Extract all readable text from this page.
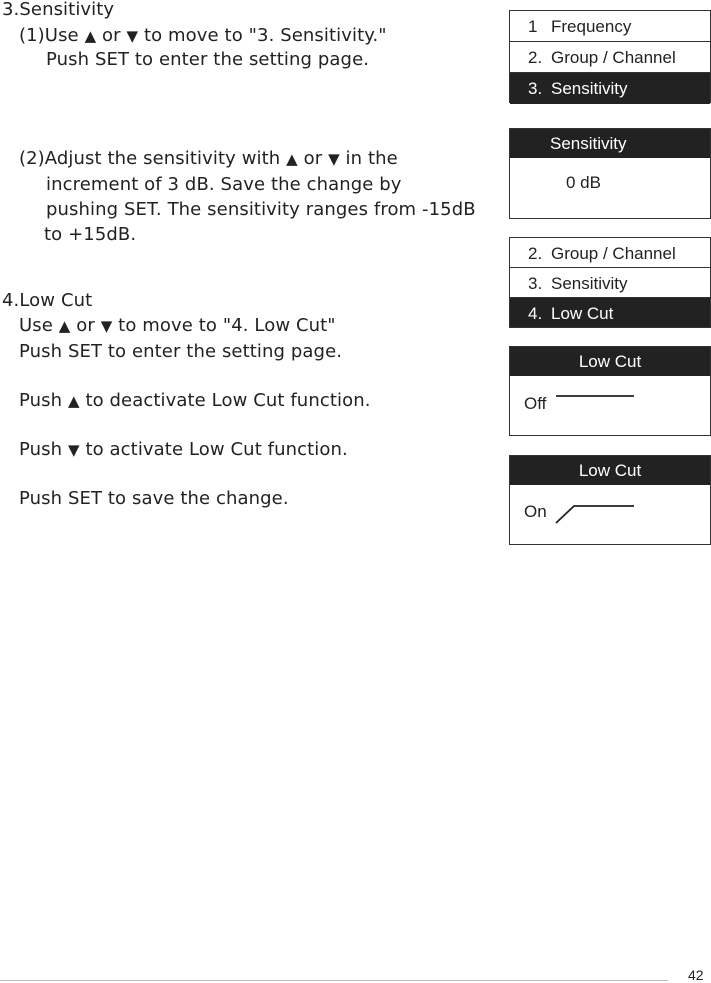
3.Sensitivity
(1)Use ▲ or ▼ to move to "3. Sensitivity."
Push SET to enter the setting page.
(2)Adjust the sensitivity with ▲ or ▼ in the
increment of 3 dB. Save the change by
pushing SET. The sensitivity ranges from -15dB
to +15dB.
4.Low Cut
Use ▲ or ▼ to move to "4. Low Cut"
Push SET to enter the setting page.
Push ▲ to deactivate Low Cut function.
Push ▼ to activate Low Cut function.
Push SET to save the change.
1 Frequency
2. Group / Channel
3. Sensitivity
Sensitivity
0 dB
2. Group / Channel
3. Sensitivity
4. Low Cut
Low Cut
Off
Low Cut
On
42
